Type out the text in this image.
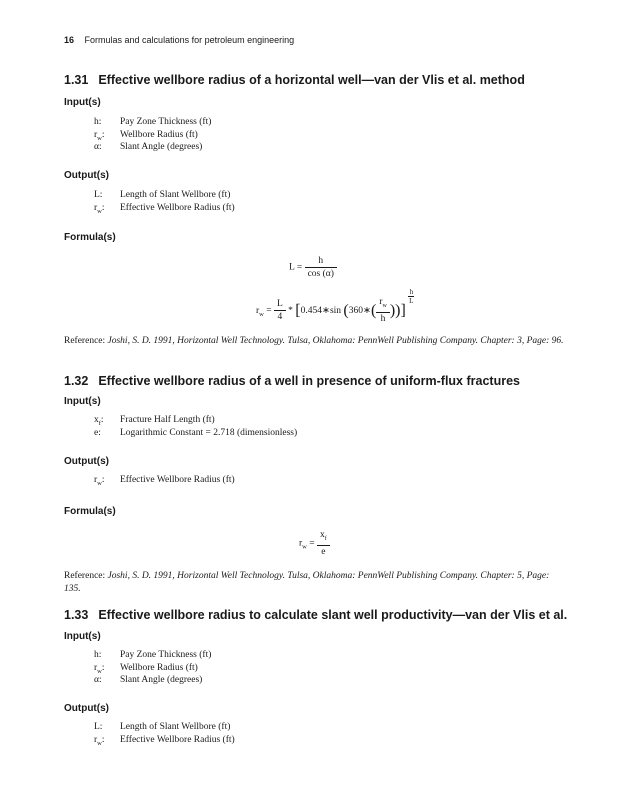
16 Formulas and calculations for petroleum engineering
1.31 Effective wellbore radius of a horizontal well—van der Vlis et al. method
Input(s)
h: Pay Zone Thickness (ft)
$r_w$: Wellbore Radius (ft)
α: Slant Angle (degrees)
Output(s)
L: Length of Slant Wellbore (ft)
$r_w$: Effective Wellbore Radius (ft)
Formula(s)
$L = \frac{h}{\cos (\alpha)}$
$r_w = \frac{L}{4}$ * [0.454∗sin (360∗( $\frac{r_w}{h}$ ))]
$\frac{h}{L}$
Reference: Joshi, S. D. 1991, Horizontal Well Technology. Tulsa, Oklahoma: PennWell Publishing Company. Chapter: 3, Page: 96.
1.32 Effective wellbore radius of a well in presence of uniform-flux fractures
Input(s)
$x_f$: Fracture Half Length (ft)
e: Logarithmic Constant = 2.718 (dimensionless)
Output(s)
$r_w$: Effective Wellbore Radius (ft)
Formula(s)
$r_w = \frac{x_f}{e}$
Reference: Joshi, S. D. 1991, Horizontal Well Technology. Tulsa, Oklahoma: PennWell Publishing Company. Chapter: 5, Page: 135.
1.33 Effective wellbore radius to calculate slant well productivity—van der Vlis et al.
Input(s)
h: Pay Zone Thickness (ft)
$r_w$: Wellbore Radius (ft)
α: Slant Angle (degrees)
Output(s)
L: Length of Slant Wellbore (ft)
$r_w$: Effective Wellbore Radius (ft)
